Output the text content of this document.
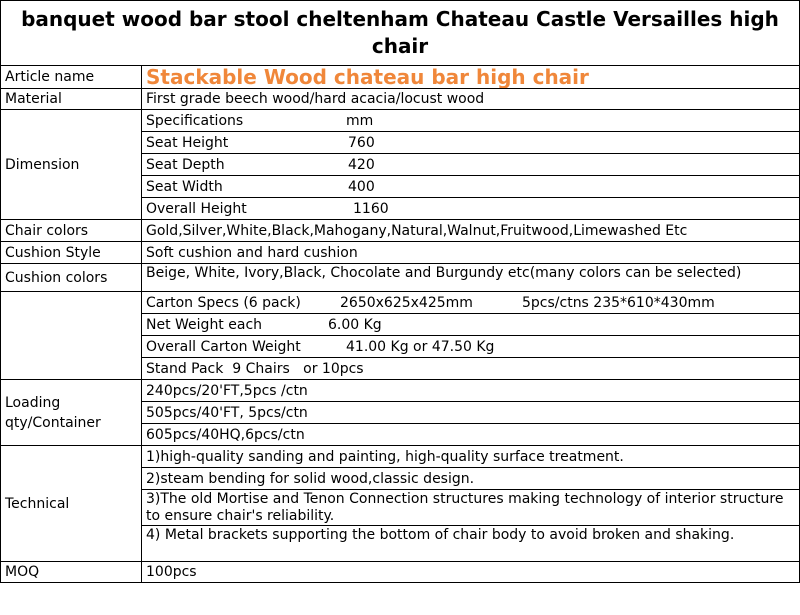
banquet wood bar stool cheltenham Chateau Castle Versailles high chair	
Article name	Stackable Wood chateau bar high chair
Material	First grade beech wood/hard acacia/locust wood
Dimension	Specifications mm
	Seat Height 760
	Seat Depth 420
	Seat Width 400
	Overall Height 1160
Chair colors	Gold,Silver,White,Black,Mahogany,Natural,Walnut,Fruitwood,Limewashed Etc
Cushion Style	Soft cushion and hard cushion
Cushion colors	Beige, White, Ivory,Black, Chocolate and Burgundy etc(many colors can be selected)
	Carton Specs (6 pack) 2650x625x425mm 5pcs/ctns 235*610*430mm
	Net Weight each 6.00 Kg
	Overall Carton Weight 41.00 Kg or 47.50 Kg
	Stand Pack  9 Chairs   or 10pcs
Loading qty/Container	240pcs/20'FT,5pcs /ctn
	505pcs/40'FT, 5pcs/ctn
	605pcs/40HQ,6pcs/ctn
Technical	1)high-quality sanding and painting, high-quality surface treatment.
	2)steam bending for solid wood,classic design.
	3)The old Mortise and Tenon Connection structures making technology of interior structure to ensure chair's reliability.
	4) Metal brackets supporting the bottom of chair body to avoid broken and shaking.
MOQ	100pcs
